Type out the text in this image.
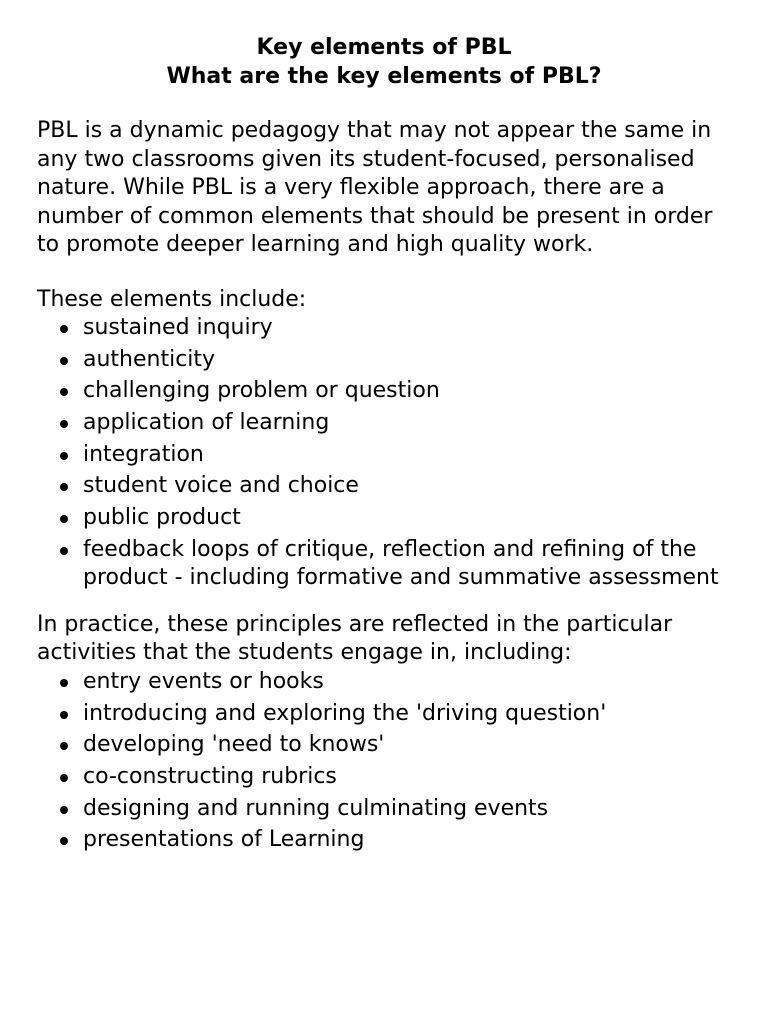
Key elements of PBL
What are the key elements of PBL?

PBL is a dynamic pedagogy that may not appear the same in any two classrooms given its student-focused, personalised nature. While PBL is a very flexible approach, there are a number of common elements that should be present in order to promote deeper learning and high quality work.

These elements include:

sustained inquiry
authenticity
challenging problem or question
application of learning
integration
student voice and choice
public product
feedback loops of critique, reflection and refining of the product - including formative and summative assessment

In practice, these principles are reflected in the particular activities that the students engage in, including:

entry events or hooks
introducing and exploring the 'driving question'
developing 'need to knows'
co-constructing rubrics
designing and running culminating events
presentations of Learning
